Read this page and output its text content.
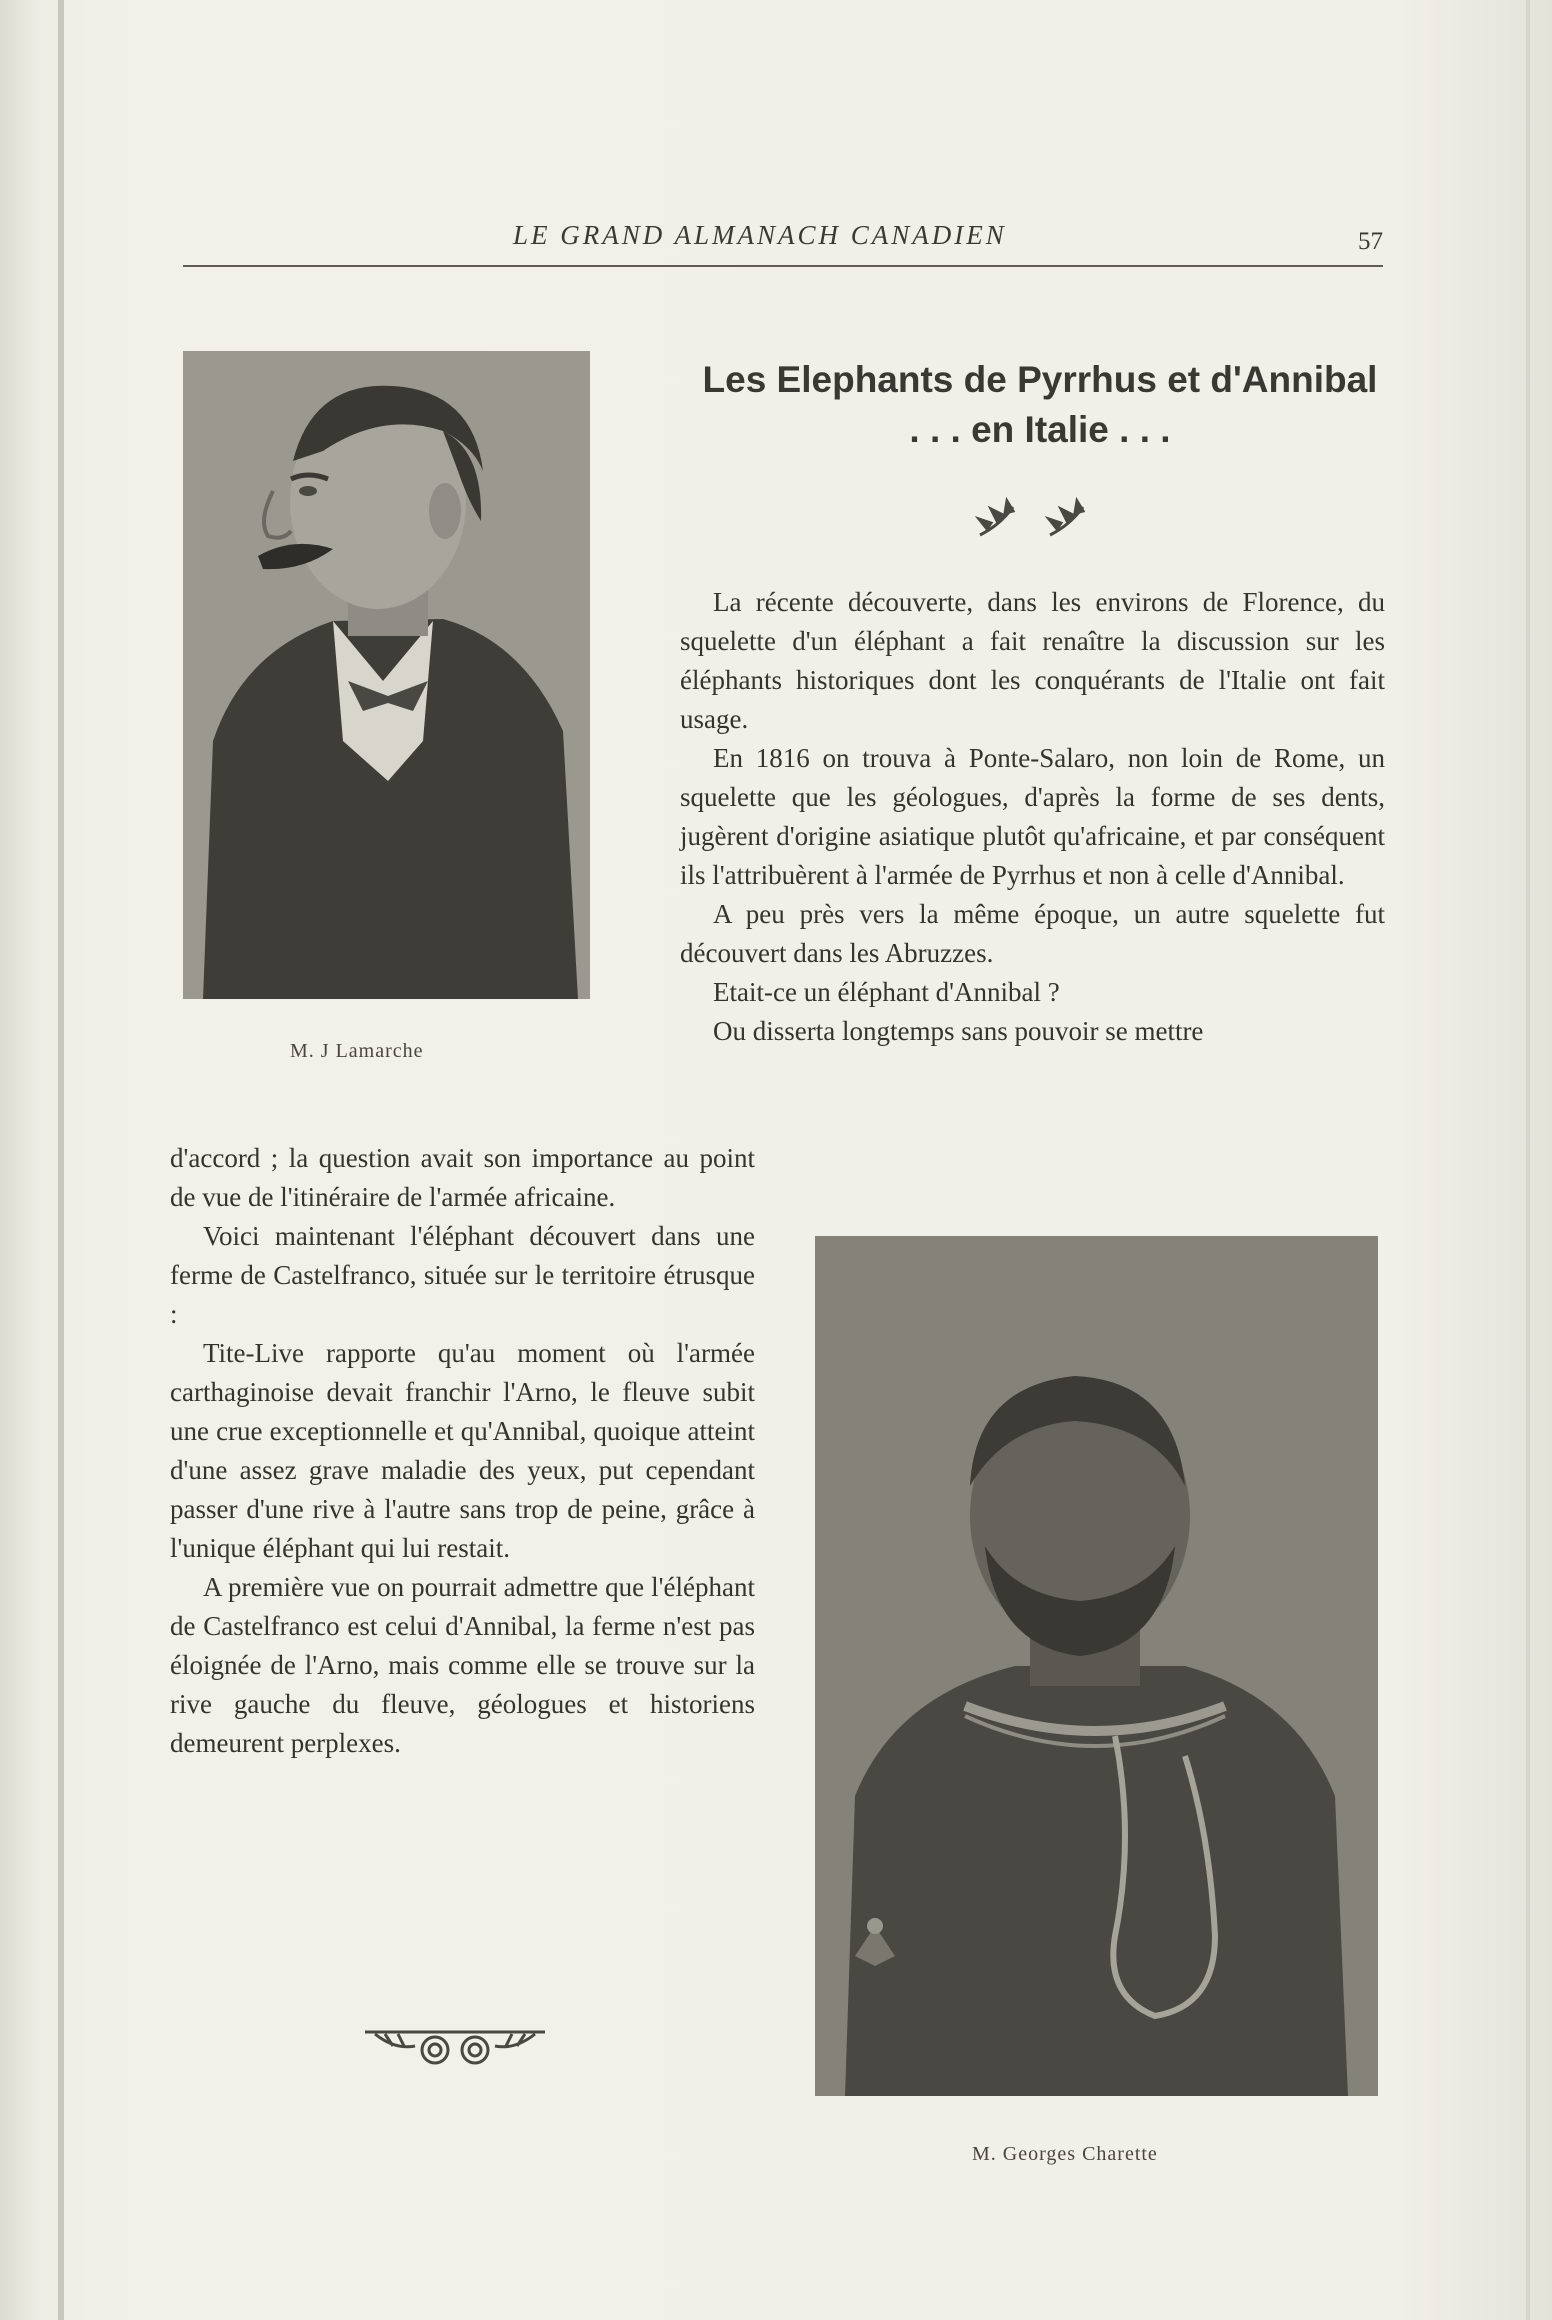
LE GRAND ALMANACH CANADIEN	57
M. J Lamarche
Les Elephants de Pyrrhus et d'Annibal
. . . en Italie . . .

La récente découverte, dans les environs de Florence, du squelette d'un éléphant a fait renaître la discussion sur les éléphants historiques dont les conquérants de l'Italie ont fait usage.

En 1816 on trouva à Ponte-Salaro, non loin de Rome, un squelette que les géologues, d'après la forme de ses dents, jugèrent d'origine asiatique plutôt qu'africaine, et par conséquent ils l'attribuèrent à l'armée de Pyrrhus et non à celle d'Annibal.

A peu près vers la même époque, un autre squelette fut découvert dans les Abruzzes.

Etait-ce un éléphant d'Annibal ?

Ou disserta longtemps sans pouvoir se mettre

d'accord ; la question avait son importance au point de vue de l'itinéraire de l'armée africaine.

Voici maintenant l'éléphant découvert dans une ferme de Castelfranco, située sur le territoire étrusque :

Tite-Live rapporte qu'au moment où l'armée carthaginoise devait franchir l'Arno, le fleuve subit une crue exceptionnelle et qu'Annibal, quoique atteint d'une assez grave maladie des yeux, put cependant passer d'une rive à l'autre sans trop de peine, grâce à l'unique éléphant qui lui restait.

A première vue on pourrait admettre que l'éléphant de Castelfranco est celui d'Annibal, la ferme n'est pas éloignée de l'Arno, mais comme elle se trouve sur la rive gauche du fleuve, géologues et historiens demeurent perplexes.

M. Georges Charette
